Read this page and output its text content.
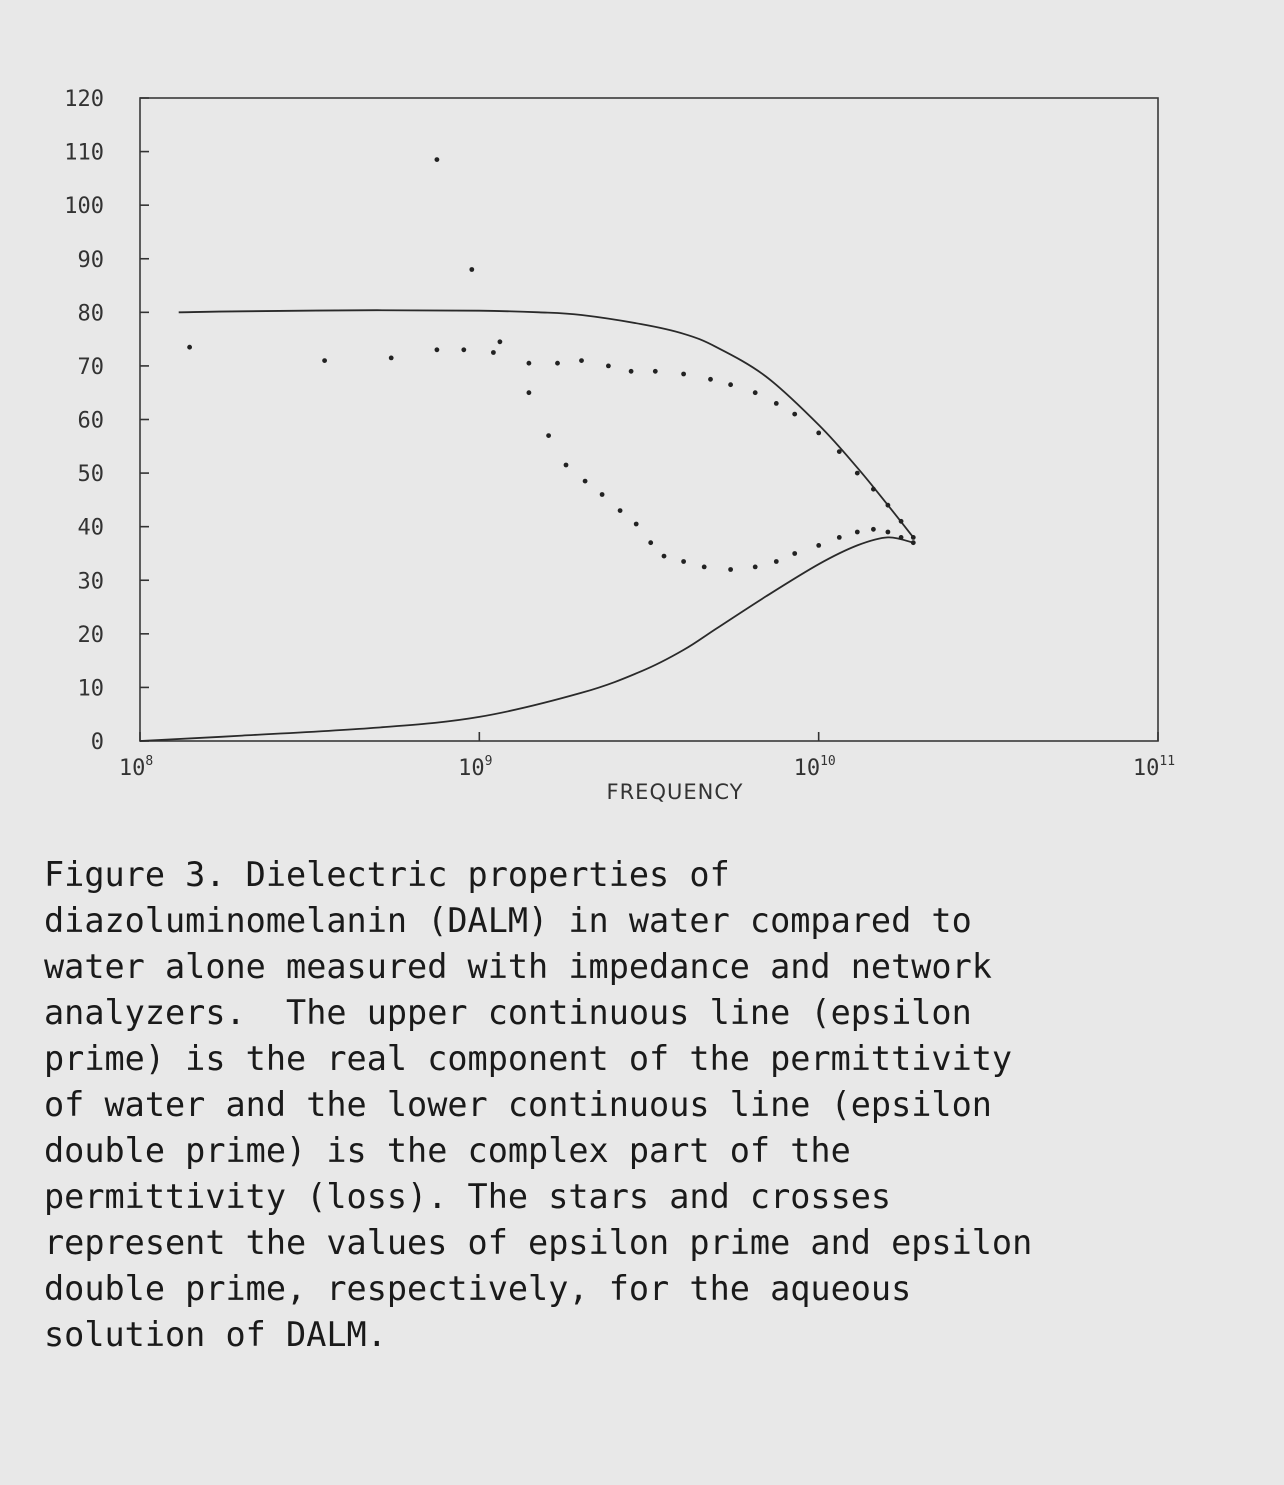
0
10
20
30
40
50
60
70
80
90
100
110
120
$10^8$	$10^9$	$10^{10}$	$10^{11}$
FREQUENCY
Figure 3. Dielectric properties of
diazoluminomelanin (DALM) in water compared to
water alone measured with impedance and network
analyzers.  The upper continuous line (epsilon
prime) is the real component of the permittivity
of water and the lower continuous line (epsilon
double prime) is the complex part of the
permittivity (loss). The stars and crosses
represent the values of epsilon prime and epsilon
double prime, respectively, for the aqueous
solution of DALM.
